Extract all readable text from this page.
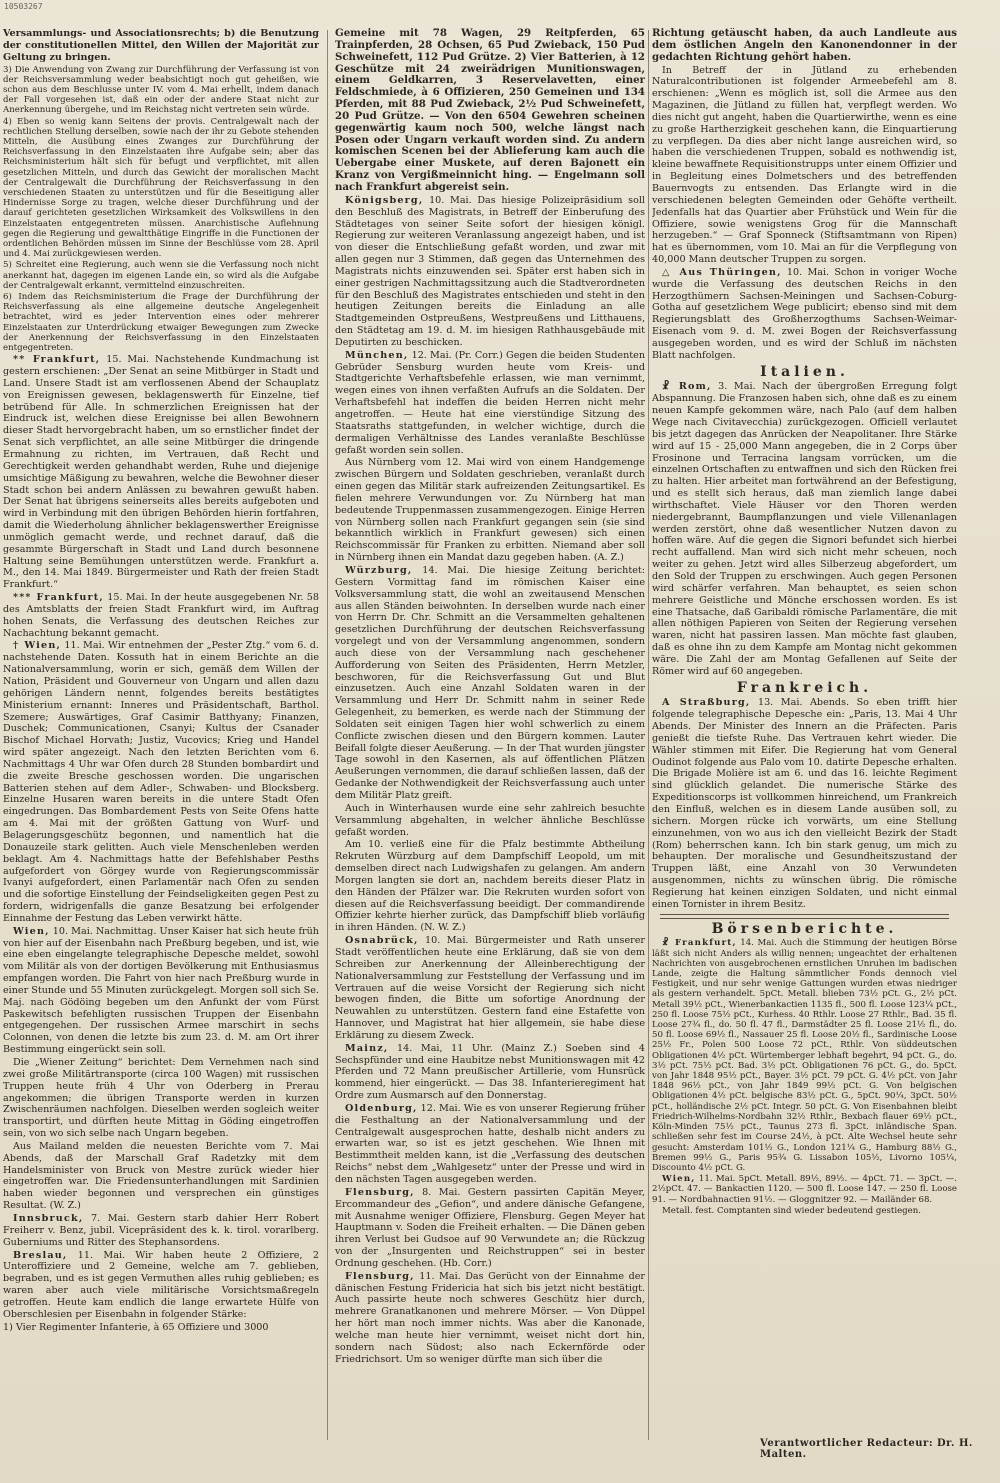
10503267

Versammlungs- und Associationsrechts; b) die Benutzung der constitutionellen Mittel, den Willen der Majorität zur Geltung zu bringen.

3) Die Anwendung von Zwang zur Durchführung der Verfassung ist von der Reichsversammlung weder beabsichtigt noch gut geheißen, wie schon aus dem Beschlusse unter IV. vom 4. Mai erhellt, indem danach der Fall vorgesehen ist, daß ein oder der andere Staat nicht zur Anerkennung übergehe, und im Reichstag nicht vertreten sein würde.

4) Eben so wenig kann Seitens der provis. Centralgewalt nach der rechtlichen Stellung derselben, sowie nach der ihr zu Gebote stehenden Mitteln, die Ausübung eines Zwanges zur Durchführung der Reichsverfassung in den Einzelstaaten ihre Aufgabe sein; aber das Reichsministerium hält sich für befugt und verpflichtet, mit allen gesetzlichen Mitteln, und durch das Gewicht der moralischen Macht der Centralgewalt die Durchführung der Reichsverfassung in den verschiedenen Staaten zu unterstützen und für die Beseitigung aller Hindernisse Sorge zu tragen, welche dieser Durchführung und der darauf gerichteten gesetzlichen Wirksamkeit des Volkswillens in den Einzelstaaten entgegentreten müssen. Anarchistische Auflehnung gegen die Regierung und gewaltthätige Eingriffe in die Functionen der ordentlichen Behörden müssen im Sinne der Beschlüsse vom 28. April und 4. Mai zurückgewiesen werden.

5) Schreitet eine Regierung, auch wenn sie die Verfassung noch nicht anerkannt hat, dagegen im eigenen Lande ein, so wird als die Aufgabe der Centralgewalt erkannt, vermittelnd einzuschreiten.

6) Indem das Reichsministerium die Frage der Durchführung der Reichsverfassung als eine allgemeine deutsche Angelegenheit betrachtet, wird es jeder Intervention eines oder mehrerer Einzelstaaten zur Unterdrückung etwaiger Bewegungen zum Zwecke der Anerkennung der Reichsverfassung in den Einzelstaaten entgegentreten.

** Frankfurt, 15. Mai. Nachstehende Kundmachung ist gestern erschienen: „Der Senat an seine Mitbürger in Stadt und Land. Unsere Stadt ist am verflossenen Abend der Schauplatz von Ereignissen gewesen, beklagenswerth für Einzelne, tief betrübend für Alle. In schmerzlichen Ereignissen hat der Eindruck ist, welchen diese Ereignisse bei allen Bewohnern dieser Stadt hervorgebracht haben, um so ernstlicher findet der Senat sich verpflichtet, an alle seine Mitbürger die dringende Ermahnung zu richten, im Vertrauen, daß Recht und Gerechtigkeit werden gehandhabt werden, Ruhe und diejenige umsichtige Mäßigung zu bewahren, welche die Bewohner dieser Stadt schon bei andern Anlässen zu bewahren gewußt haben. Der Senat hat übrigens seinerseits alles bereits aufgeboten und wird in Verbindung mit den übrigen Behörden hierin fortfahren, damit die Wiederholung ähnlicher beklagenswerther Ereignisse unmöglich gemacht werde, und rechnet darauf, daß die gesammte Bürgerschaft in Stadt und Land durch besonnene Haltung seine Bemühungen unterstützen werde. Frankfurt a. M., den 14. Mai 1849. Bürgermeister und Rath der freien Stadt Frankfurt.“

*** Frankfurt, 15. Mai. In der heute ausgegebenen Nr. 58 des Amtsblatts der freien Stadt Frankfurt wird, im Auftrag hohen Senats, die Verfassung des deutschen Reiches zur Nachachtung bekannt gemacht.

† Wien, 11. Mai. Wir entnehmen der „Pester Ztg.“ vom 6. d. nachstehende Daten. Kossuth hat in einem Berichte an die Nationalversammlung, worin er sich, gemäß dem Willen der Nation, Präsident und Gouverneur von Ungarn und allen dazu gehörigen Ländern nennt, folgendes bereits bestätigtes Ministerium ernannt: Inneres und Präsidentschaft, Barthol. Szemere; Auswärtiges, Graf Casimir Batthyany; Finanzen, Duschek; Communicationen, Csanyi; Kultus der Csanader Bischof Michael Horvath; Justiz, Vucovics; Krieg und Handel wird später angezeigt. Nach den letzten Berichten vom 6. Nachmittags 4 Uhr war Ofen durch 28 Stunden bombardirt und die zweite Bresche geschossen worden. Die ungarischen Batterien stehen auf dem Adler-, Schwaben- und Blocksberg. Einzelne Husaren waren bereits in die untere Stadt Ofen eingedrungen. Das Bombardement Pests von Seite Ofens hatte am 4. Mai mit der größten Gattung von Wurf- und Belagerungsgeschütz begonnen, und namentlich hat die Donauzeile stark gelitten. Auch viele Menschenleben werden beklagt. Am 4. Nachmittags hatte der Befehlshaber Pesths aufgefordert von Görgey wurde von Regierungscommissär Ivanyi aufgefordert, einen Parlamentär nach Ofen zu senden und die sofortige Einstellung der Feindseligkeiten gegen Pest zu fordern, widrigenfalls die ganze Besatzung bei erfolgender Einnahme der Festung das Leben verwirkt hätte.

Wien, 10. Mai. Nachmittag. Unser Kaiser hat sich heute früh von hier auf der Eisenbahn nach Preßburg begeben, und ist, wie eine eben eingelangte telegraphische Depesche meldet, sowohl vom Militär als von der dortigen Bevölkerung mit Enthusiasmus empfangen worden. Die Fahrt von hier nach Preßburg wurde in einer Stunde und 55 Minuten zurückgelegt. Morgen soll sich Se. Maj. nach Gödöing begeben um den Anfunkt der vom Fürst Paskewitsch befehligten russischen Truppen der Eisenbahn entgegengehen. Der russischen Armee marschirt in sechs Colonnen, von denen die letzte bis zum 23. d. M. am Ort ihrer Bestimmung eingerückt sein soll.

Die „Wiener Zeitung“ berichtet: Dem Vernehmen nach sind zwei große Militärtransporte (circa 100 Wagen) mit russischen Truppen heute früh 4 Uhr von Oderberg in Prerau angekommen; die übrigen Transporte werden in kurzen Zwischenräumen nachfolgen. Dieselben werden sogleich weiter transportirt, und dürften heute Mittag in Göding eingetroffen sein, von wo sich selbe nach Ungarn begeben.

Aus Mailand melden die neuesten Berichte vom 7. Mai Abends, daß der Marschall Graf Radetzky mit dem Handelsminister von Bruck von Mestre zurück wieder hier eingetroffen war. Die Friedensunterhandlungen mit Sardinien haben wieder begonnen und versprechen ein günstiges Resultat. (W. Z.)

Innsbruck, 7. Mai. Gestern starb dahier Herr Robert Freiherr v. Benz, jubil. Vicepräsident des k. k. tirol. vorarlberg. Guberniums und Ritter des Stephansordens.

Breslau, 11. Mai. Wir haben heute 2 Offiziere, 2 Unteroffiziere und 2 Gemeine, welche am 7. geblieben, begraben, und es ist gegen Vermuthen alles ruhig geblieben; es waren aber auch viele militärische Vorsichtsmaßregeln getroffen. Heute kam endlich die lange erwartete Hülfe von Oberschlesien per Eisenbahn in folgender Stärke:

1) Vier Regimenter Infanterie, à 65 Offiziere und 3000

Gemeine mit 78 Wagen, 29 Reitpferden, 65 Trainpferden, 28 Ochsen, 65 Pud Zwieback, 150 Pud Schweinefett, 112 Pud Grütze. 2) Vier Batterien, à 12 Geschütze mit 24 zweirädrigen Munitionswagen, einem Geldkarren, 3 Reservelavetten, einer Feldschmiede, à 6 Offizieren, 250 Gemeinen und 134 Pferden, mit 88 Pud Zwieback, 2½ Pud Schweinefett, 20 Pud Grütze. — Von den 6504 Gewehren scheinen gegenwärtig kaum noch 500, welche längst nach Posen oder Ungarn verkauft worden sind. Zu andern komischen Scenen bei der Ablieferung kam auch die Uebergabe einer Muskete, auf deren Bajonett ein Kranz von Vergißmeinnicht hing. — Engelmann soll nach Frankfurt abgereist sein.

Königsberg, 10. Mai. Das hiesige Polizeipräsidium soll den Beschluß des Magistrats, in Betreff der Einberufung des Städtetages von seiner Seite sofort der hiesigen königl. Regierung zur weiteren Veranlassung angezeigt haben, und ist von dieser die Entschließung gefaßt worden, und zwar mit allen gegen nur 3 Stimmen, daß gegen das Unternehmen des Magistrats nichts einzuwenden sei. Später erst haben sich in einer gestrigen Nachmittagssitzung auch die Stadtverordneten für den Beschluß des Magistrates entschieden und steht in den heutigen Zeitungen bereits die Einladung an alle Stadtgemeinden Ostpreußens, Westpreußens und Litthauens, den Städtetag am 19. d. M. im hiesigen Rathhausgebäude mit Deputirten zu beschicken.

München, 12. Mai. (Pr. Corr.) Gegen die beiden Studenten Gebrüder Sensburg wurden heute vom Kreis- und Stadtgerichte Verhaftsbefehle erlassen, wie man vernimmt, wegen eines von ihnen verfaßten Aufrufs an die Soldaten. Der Verhaftsbefehl hat indeffen die beiden Herren nicht mehr angetroffen. — Heute hat eine vierstündige Sitzung des Staatsraths stattgefunden, in welcher wichtige, durch die dermaligen Verhältnisse des Landes veranlaßte Beschlüsse gefaßt worden sein sollen.

Aus Nürnberg vom 12. Mai wird von einem Handgemenge zwischen Bürgern und Soldaten geschrieben, veranlaßt durch einen gegen das Militär stark aufreizenden Zeitungsartikel. Es fielen mehrere Verwundungen vor. Zu Nürnberg hat man bedeutende Truppenmassen zusammengezogen. Einige Herren von Nürnberg sollen nach Frankfurt gegangen sein (sie sind bekanntlich wirklich in Frankfurt gewesen) sich einen Reichscommissär für Franken zu erbitten. Niemand aber soll in Nürnberg ihnen ein Mandat dazu gegeben haben. (A. Z.)

Würzburg, 14. Mai. Die hiesige Zeitung berichtet: Gestern Vormittag fand im römischen Kaiser eine Volksversammlung statt, die wohl an zweitausend Menschen aus allen Ständen beiwohnten. In derselben wurde nach einer von Herrn Dr. Chr. Schmitt an die Versammelten gehaltenen gesetzlichen Durchführung der deutschen Reichsverfassung vorgelegt und von der Versammlung angenommen, sondern auch diese von der Versammlung nach geschehener Aufforderung von Seiten des Präsidenten, Herrn Metzler, beschworen, für die Reichsverfassung Gut und Blut einzusetzen. Auch eine Anzahl Soldaten waren in der Versammlung und Herr Dr. Schmitt nahm in seiner Rede Gelegenheit, zu bemerken, es werde nach der Stimmung der Soldaten seit einigen Tagen hier wohl schwerlich zu einem Conflicte zwischen diesen und den Bürgern kommen. Lauter Beifall folgte dieser Aeußerung. — In der That wurden jüngster Tage sowohl in den Kasernen, als auf öffentlichen Plätzen Aeußerungen vernommen, die darauf schließen lassen, daß der Gedanke der Nothwendigkeit der Reichsverfassung auch unter dem Militär Platz greift.

Auch in Winterhausen wurde eine sehr zahlreich besuchte Versammlung abgehalten, in welcher ähnliche Beschlüsse gefaßt worden.

Am 10. verließ eine für die Pfalz bestimmte Abtheilung Rekruten Würzburg auf dem Dampfschiff Leopold, um mit demselben direct nach Ludwigshafen zu gelangen. Am andern Morgen langten sie dort an, nachdem bereits dieser Platz in den Händen der Pfälzer war. Die Rekruten wurden sofort von diesen auf die Reichsverfassung beeidigt. Der commandirende Offizier kehrte hierher zurück, das Dampfschiff blieb vorläufig in ihren Händen. (N. W. Z.)

Osnabrück, 10. Mai. Bürgermeister und Rath unserer Stadt veröffentlichen heute eine Erklärung, daß sie von dem Schreiben zur Anerkennung der Alleinberechtigung der Nationalversammlung zur Feststellung der Verfassung und im Vertrauen auf die weise Vorsicht der Regierung sich nicht bewogen finden, die Bitte um sofortige Anordnung der Neuwahlen zu unterstützen. Gestern fand eine Estafette von Hannover, und Magistrat hat hier allgemein, sie habe diese Erklärung zu diesem Zweck.

Mainz, 14. Mai, 11 Uhr. (Mainz Z.) Soeben sind 4 Sechspfünder und eine Haubitze nebst Munitionswagen mit 42 Pferden und 72 Mann preußischer Artillerie, vom Hunsrück kommend, hier eingerückt. — Das 38. Infanterieregiment hat Ordre zum Ausmarsch auf den Donnerstag.

Oldenburg, 12. Mai. Wie es von unserer Regierung früher die Festhaltung an der Nationalversammlung und der Centralgewalt ausgesprochen hatte, deshalb nicht anders zu erwarten war, so ist es jetzt geschehen. Wie Ihnen mit Bestimmtheit melden kann, ist die „Verfassung des deutschen Reichs“ nebst dem „Wahlgesetz“ unter der Presse und wird in den nächsten Tagen ausgegeben werden.

Flensburg, 8. Mai. Gestern passirten Capitän Meyer, Ercommandeur des „Gefion“, und andere dänische Gefangene, mit Ausnahme weniger Offiziere, Flensburg. Gegen Meyer hat Hauptmann v. Soden die Freiheit erhalten. — Die Dänen geben ihren Verlust bei Gudsoe auf 90 Verwundete an; die Rückzug von der „Insurgenten und Reichstruppen“ sei in bester Ordnung geschehen. (Hb. Corr.)

Flensburg, 11. Mai. Das Gerücht von der Einnahme der dänischen Festung Fridericia hat sich bis jetzt nicht bestätigt. Auch passirte heute noch schweres Geschütz hier durch, mehrere Granatkanonen und mehrere Mörser. — Von Düppel her hört man noch immer nichts. Was aber die Kanonade, welche man heute hier vernimmt, weiset nicht dort hin, sondern nach Südost; also nach Eckernförde oder Friedrichsort. Um so weniger dürfte man sich über die

Richtung getäuscht haben, da auch Landleute aus dem östlichen Angeln den Kanonendonner in der gedachten Richtung gehört haben.

In Betreff der in Jütland zu erhebenden Naturalcontributionen ist folgender Armeebefehl am 8. erschienen: „Wenn es möglich ist, soll die Armee aus den Magazinen, die Jütland zu füllen hat, verpflegt werden. Wo dies nicht gut angeht, haben die Quartierwirthe, wenn es eine zu große Hartherzigkeit geschehen kann, die Einquartierung zu verpflegen. Da dies aber nicht lange ausreichen wird, so haben die verschiedenen Truppen, sobald es nothwendig ist, kleine bewaffnete Requisitionstrupps unter einem Offizier und in Begleitung eines Dolmetschers und des betreffenden Bauernvogts zu entsenden. Das Erlangte wird in die verschiedenen belegten Gemeinden oder Gehöfte vertheilt. Jedenfalls hat das Quartier aber Frühstück und Wein für die Offiziere, sowie wenigstens Grog für die Mannschaft herzugeben.“ — Graf Sponneck (Stiftsamtmann von Ripen) hat es übernommen, vom 10. Mai an für die Verpflegung von 40,000 Mann deutscher Truppen zu sorgen.

△ Aus Thüringen, 10. Mai. Schon in voriger Woche wurde die Verfassung des deutschen Reichs in den Herzogthümern Sachsen-Meiningen und Sachsen-Coburg-Gotha auf gesetzlichem Wege publicirt; ebenso sind mit dem Regierungsblatt des Großherzogthums Sachsen-Weimar-Eisenach vom 9. d. M. zwei Bogen der Reichsverfassung ausgegeben worden, und es wird der Schluß im nächsten Blatt nachfolgen.

Italien.

☧ Rom, 3. Mai. Nach der übergroßen Erregung folgt Abspannung. Die Franzosen haben sich, ohne daß es zu einem neuen Kampfe gekommen wäre, nach Palo (auf dem halben Wege nach Civitavecchia) zurückgezogen. Officiell verlautet bis jetzt dagegen das Anrücken der Neapolitaner. Ihre Stärke wird auf 15 - 25,000 Mann angegeben, die in 2 Corps über Frosinone und Terracina langsam vorrücken, um die einzelnen Ortschaften zu entwaffnen und sich den Rücken frei zu halten. Hier arbeitet man fortwährend an der Befestigung, und es stellt sich heraus, daß man ziemlich lange dabei wirthschaftet. Viele Häuser vor den Thoren werden niedergebrannt, Baumpflanzungen und viele Villenanlagen werden zerstört, ohne daß wesentlicher Nutzen davon zu hoffen wäre. Auf die gegen die Signori befundet sich hierbei recht auffallend. Man wird sich nicht mehr scheuen, noch weiter zu gehen. Jetzt wird alles Silberzeug abgefordert, um den Sold der Truppen zu erschwingen. Auch gegen Personen wird schärfer verfahren. Man behauptet, es seien schon mehrere Geistliche und Mönche erschossen worden. Es ist eine Thatsache, daß Garibaldi römische Parlamentäre, die mit allen nöthigen Papieren von Seiten der Regierung versehen waren, nicht hat passiren lassen. Man möchte fast glauben, daß es ohne ihn zu dem Kampfe am Montag nicht gekommen wäre. Die Zahl der am Montag Gefallenen auf Seite der Römer wird auf 60 angegeben.

Frankreich.

A Straßburg, 13. Mai. Abends. So eben trifft hier folgende telegraphische Depesche ein: „Paris, 13. Mai 4 Uhr Abends. Der Minister des Innern an die Präfecten. Paris genießt die tiefste Ruhe. Das Vertrauen kehrt wieder. Die Wähler stimmen mit Eifer. Die Regierung hat vom General Oudinot folgende aus Palo vom 10. datirte Depesche erhalten. Die Brigade Molière ist am 6. und das 16. leichte Regiment sind glücklich gelandet. Die numerische Stärke des Expeditionscorps ist vollkommen hinreichend, um Frankreich den Einfluß, welchen es in diesem Lande ausüben soll, zu sichern. Morgen rücke ich vorwärts, um eine Stellung einzunehmen, von wo aus ich den vielleicht Bezirk der Stadt (Rom) beherrschen kann. Ich bin stark genug, um mich zu behaupten. Der moralische und Gesundheitszustand der Truppen läßt, eine Anzahl von 30 Verwundeten ausgenommen, nichts zu wünschen übrig. Die römische Regierung hat keinen einzigen Soldaten, und nicht einmal einen Tornister in ihrem Besitz.

Börsenberichte.

☧ Frankfurt, 14. Mai. Auch die Stimmung der heutigen Börse läßt sich nicht Anders als willig nennen; ungeachtet der erhaltenen Nachrichten von ausgebrochenen ernstlichen Unruhen im badischen Lande, zeigte die Haltung sämmtlicher Fonds dennoch viel Festigkeit, und nur sehr wenige Gattungen wurden etwas niedriger als gestern verhandelt. 5pCt. Metall. blieben 73½ pCt. G., 2½ pCt. Metall 39½ pCt., Wienerbankactien 1135 fl., 500 fl. Loose 123¼ pCt., 250 fl. Loose 75½ pCt., Kurhess. 40 Rthlr. Loose 27 Rthlr., Bad. 35 fl. Loose 27¾ fl., do. 50 fl. 47 fl., Darmstädter 25 fl. Loose 21½ fl., do. 50 fl. Loose 69½ fl., Nassauer 25 fl. Loose 20½ fl., Sardinische Loose 25½ Fr., Polen 500 Loose 72 pCt., Rthlr. Von süddeutschen Obligationen 4½ pCt. Würtemberger lebhaft begehrt, 94 pCt. G., do. 3½ pCt. 75½ pCt. Bad. 3½ pCt. Obligationen 76 pCt. G., do. 5pCt. von Jahr 1848 95½ pCt., Bayer. 3½ pCt. 79 pCt. G. 4½ pCt. von Jahr 1848 96½ pCt., von Jahr 1849 99½ pCt. G. Von belgischen Obligationen 4½ pCt. belgische 83½ pCt. G., 5pCt. 90¼, 3pCt. 50½ pCt., holländische 2½ pCt. Integr. 50 pCt. G. Von Eisenbahnen bleibt Friedrich-Wilhelms-Nordbahn 32½ Rthlr., Bexbach flauer 69½ pCt., Köln-Minden 75½ pCt., Taunus 273 fl. 3pCt. inländische Span. schließen sehr fest im Course 24½, à pCt. Alte Wechsel heute sehr gesucht: Amsterdam 101½ G., London 121¼ G., Hamburg 88½ G., Bremen 99½ G., Paris 95¾ G. Lissabon 105½, Livorno 105¼, Discounto 4½ pCt. G.

Wien, 11. Mai. 5pCt. Metall. 89½, 89½. — 4pCt. 71. — 3pCt. —. 2½pCt. 47. — Bankactien 1120. — 500 fl. Loose 147. — 250 fl. Loose 91. — Nordbahnactien 91½. — Gloggnitzer 92. — Mailänder 68.

Metall. fest. Comptanten sind wieder bedeutend gestiegen.

Verantwortlicher Redacteur: Dr. H. Malten.
